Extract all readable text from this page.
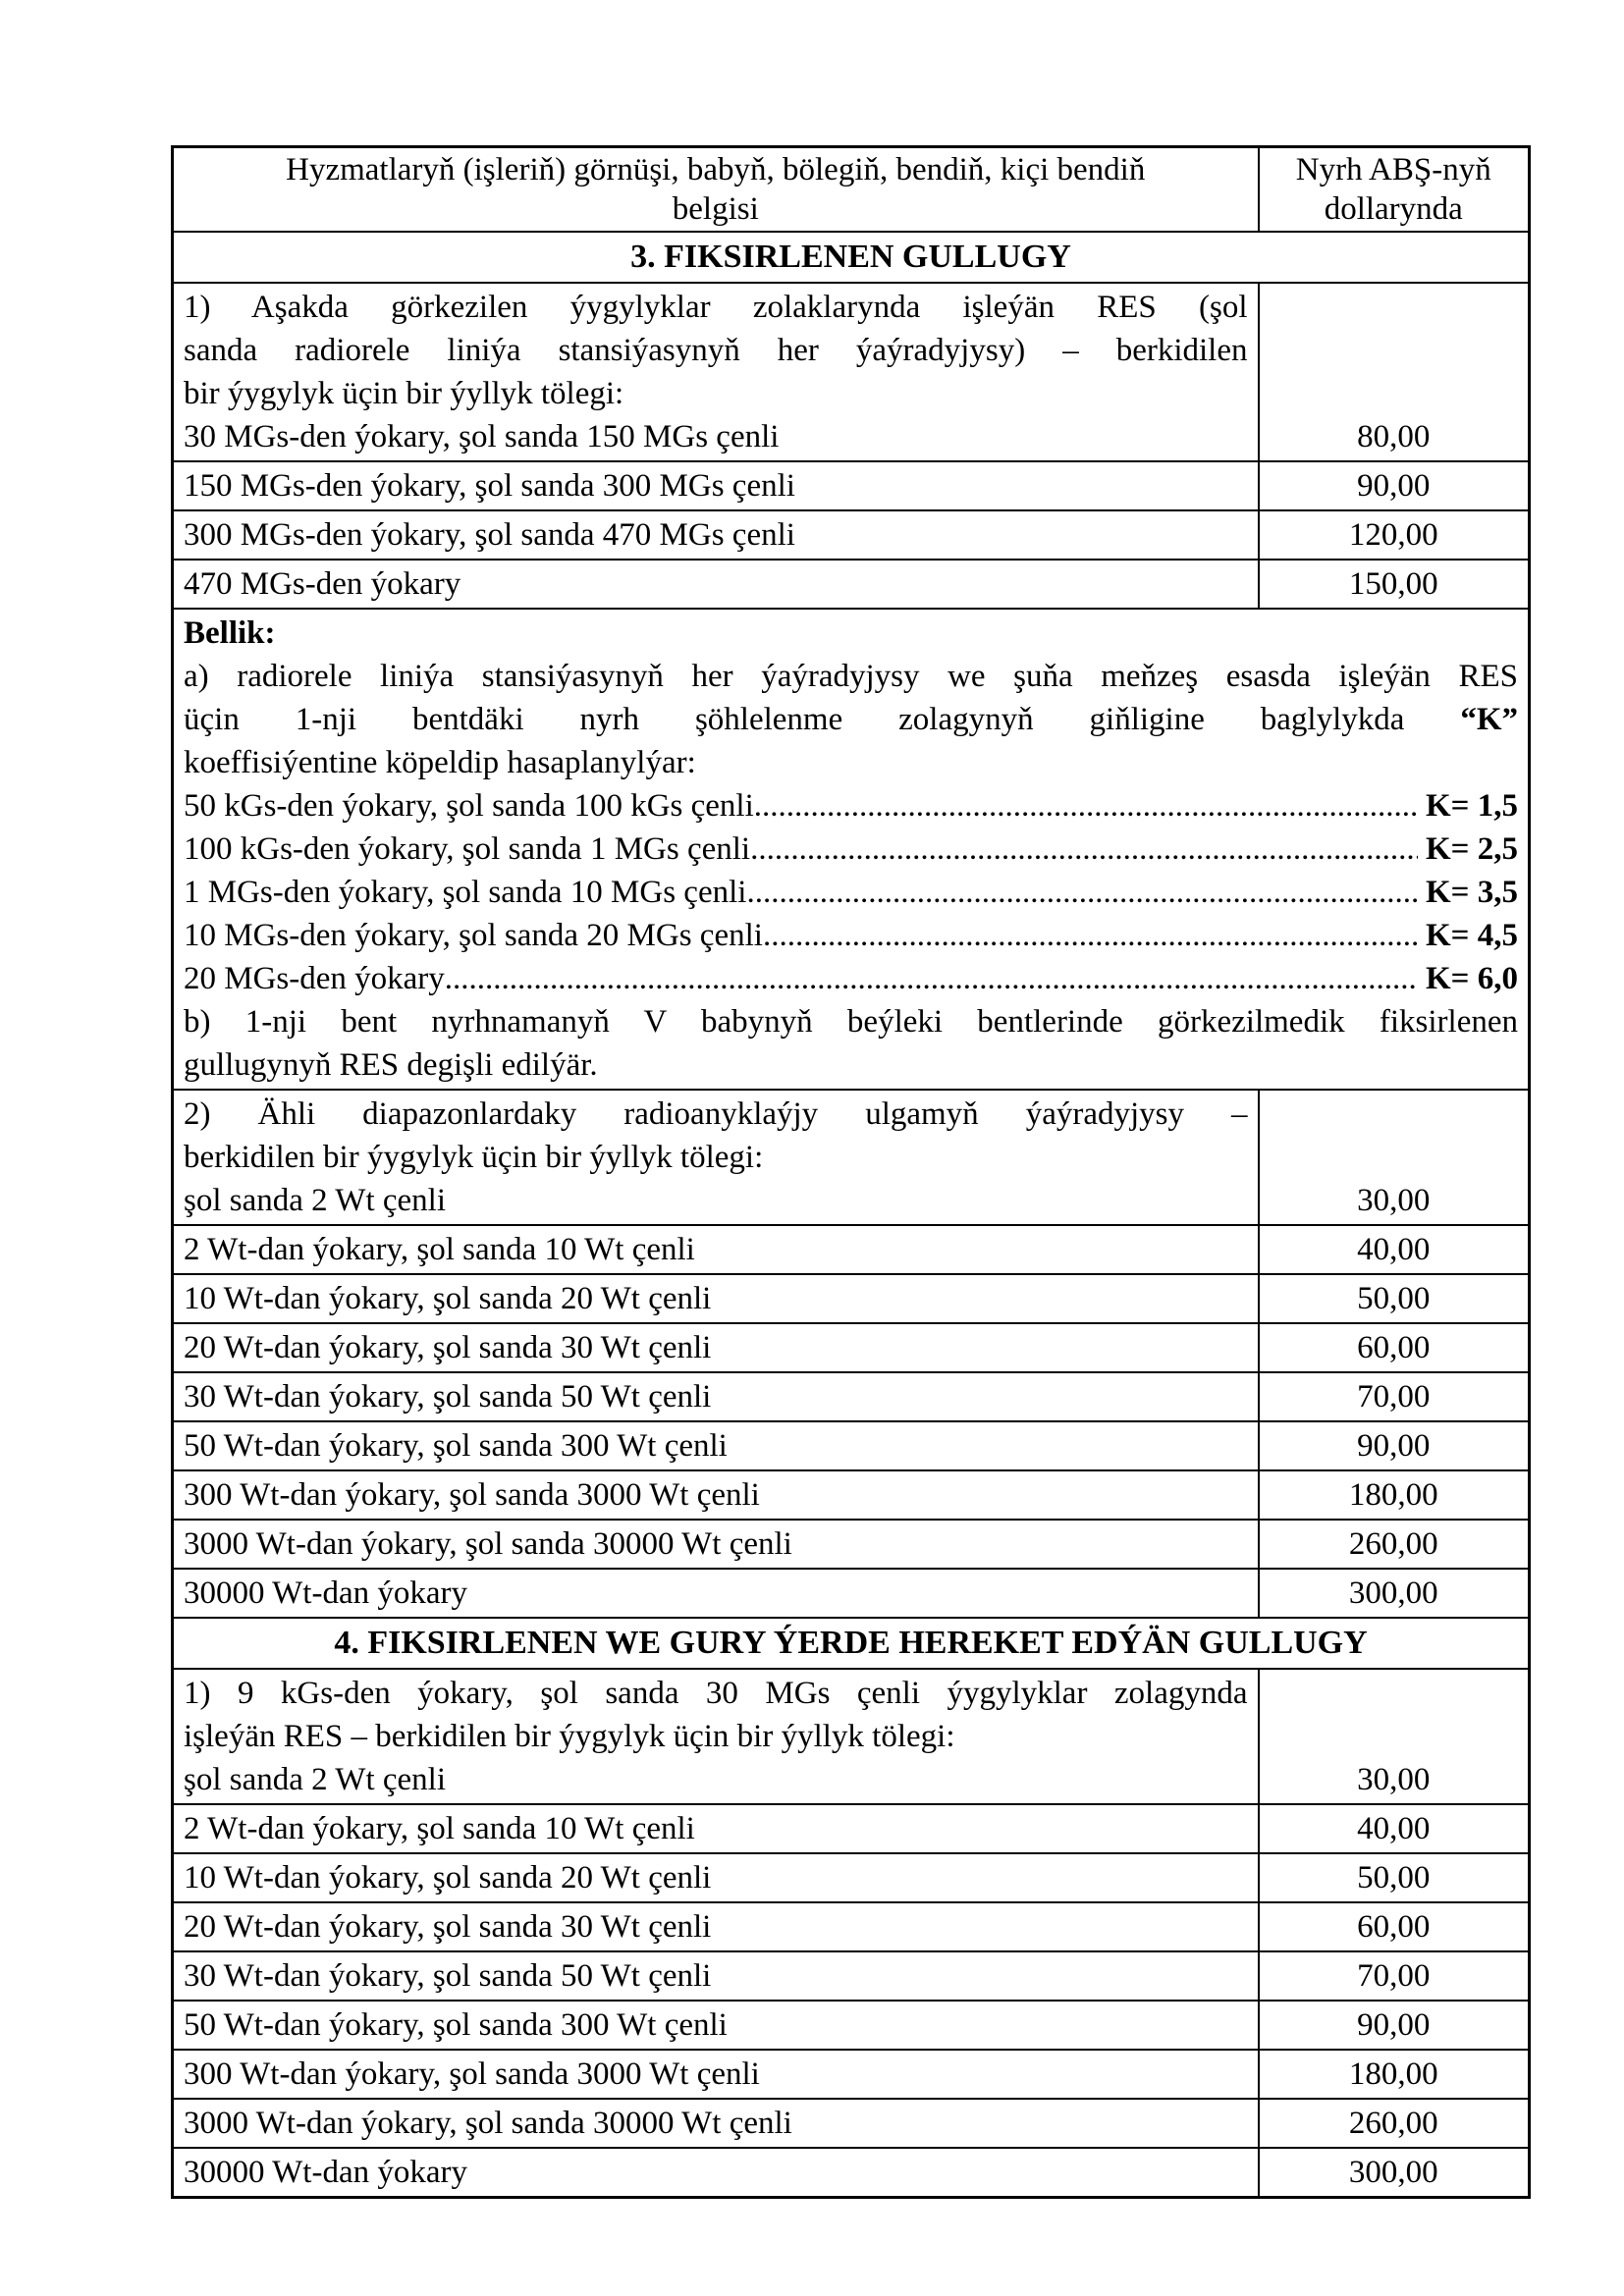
Hyzmatlaryň (işleriň) görnüşi, babyň, bölegiň, bendiň, kiçi bendiň
belgisi

Nyrh ABŞ-nyň
dollarynda

3. FIKSIRLENEN GULLUGY	

1) Aşakda görkezilen ýygylyklar zolaklarynda işleýän RES (şol
sanda radiorele liniýa stansiýasynyň her ýaýradyjysy) – berkidilen
bir ýygylyk üçin bir ýyllyk tölegi:
30 MGs-den ýokary, şol sanda 150 MGs çenli	80,00
150 MGs-den ýokary, şol sanda 300 MGs çenli	90,00
300 MGs-den ýokary, şol sanda 470 MGs çenli	120,00
470 MGs-den ýokary	150,00

Bellik:
a) radiorele liniýa stansiýasynyň her ýaýradyjysy we şuňa meňzeş esasda işleýän RES
üçin 1-nji bentdäki nyrh şöhlelenme zolagynyň giňligine baglylykda “K”
koeffisiýentine köpeldip hasaplanylýar:
50 kGs-den ýokary, şol sanda 100 kGs çenli .....	K= 1,5
100 kGs-den ýokary, şol sanda 1 MGs çenli .....	K= 2,5
1 MGs-den ýokary, şol sanda 10 MGs çenli .....	K= 3,5
10 MGs-den ýokary, şol sanda 20 MGs çenli .....	K= 4,5
20 MGs-den ýokary .....	K= 6,0
b) 1-nji bent nyrhnamanyň V babynyň beýleki bentlerinde görkezilmedik fiksirlenen
gullugynyň RES degişli edilýär.

2) Ähli diapazonlardaky radioanyklaýjy ulgamyň ýaýradyjysy –
berkidilen bir ýygylyk üçin bir ýyllyk tölegi:
şol sanda 2 Wt çenli	30,00
2 Wt-dan ýokary, şol sanda 10 Wt çenli	40,00
10 Wt-dan ýokary, şol sanda 20 Wt çenli	50,00
20 Wt-dan ýokary, şol sanda 30 Wt çenli	60,00
30 Wt-dan ýokary, şol sanda 50 Wt çenli	70,00
50 Wt-dan ýokary, şol sanda 300 Wt çenli	90,00
300 Wt-dan ýokary, şol sanda 3000 Wt çenli	180,00
3000 Wt-dan ýokary, şol sanda 30000 Wt çenli	260,00
30000 Wt-dan ýokary	300,00
4. FIKSIRLENEN WE GURY ÝERDE HEREKET EDÝÄN GULLUGY	

1) 9 kGs-den ýokary, şol sanda 30 MGs çenli ýygylyklar zolagynda
işleýän RES – berkidilen bir ýygylyk üçin bir ýyllyk tölegi:
şol sanda 2 Wt çenli	30,00
2 Wt-dan ýokary, şol sanda 10 Wt çenli	40,00
10 Wt-dan ýokary, şol sanda 20 Wt çenli	50,00
20 Wt-dan ýokary, şol sanda 30 Wt çenli	60,00
30 Wt-dan ýokary, şol sanda 50 Wt çenli	70,00
50 Wt-dan ýokary, şol sanda 300 Wt çenli	90,00
300 Wt-dan ýokary, şol sanda 3000 Wt çenli	180,00
3000 Wt-dan ýokary, şol sanda 30000 Wt çenli	260,00
30000 Wt-dan ýokary	300,00
